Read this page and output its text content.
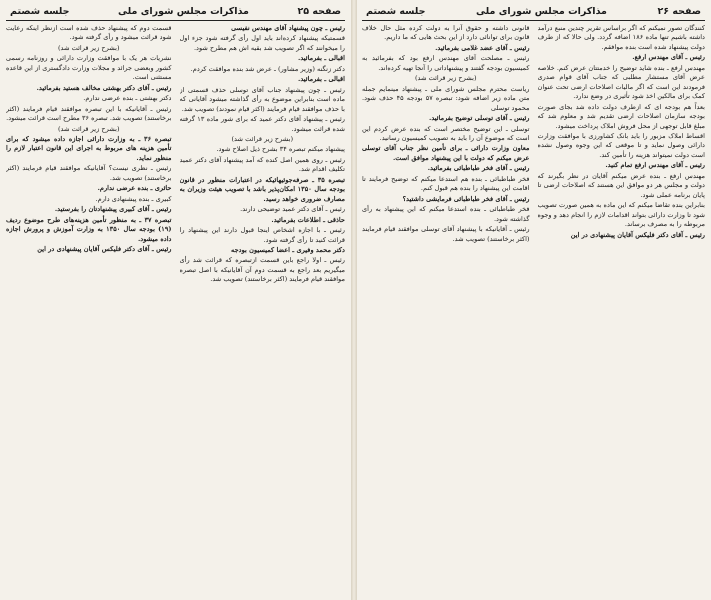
صفحه ۲۵
مذاکرات مجلس شورای ملی
جلسه شصتم

رئیس ـ چون پیشنهاد آقای مهندس نفیسی

قسمتیکه پیشنهاد کرده‌اند باید اول رأی گرفته شود جزء اول را میخوانند که اگر تصویب شد بقیه اش هم مطرح شود.

اقبالی ـ بفرمائید.

دکتر زنگنه (وزیر مشاور) ـ عرض شد بنده موافقت کردم.

اقبالی ـ بفرمائید.

رئیس ـ چون پیشنهاد جناب آقای توسلی حذف قسمتی از ماده است بنابراین موضوع به رأی گذاشته میشود آقایانی که با حذف موافقند قیام فرمایند (اکثر قیام نمودند) تصویب شد.

رئیس ـ پیشنهاد آقای دکتر عمید که برای شور ماده ۱۳ گرفته شده قرائت میشود.

(بشرح زیر قرائت شد)

پیشنهاد میکنم تبصره ۳۴ بشرح ذیل اصلاح شود.

رئیس ـ روی همین اصل کنده که آمد پیشنهاد آقای دکتر عمید تکلیف اقدام شد.

تبصره ۳۵ ـ صرفه‌جوئیهائیکه در اعتبارات منظور در قانون بودجه سال ۱۳۵۰ امکان‌پذیر باشد با تصویب هیئت وزیران به مصارف ضروری خواهد رسید.

رئیس ـ آقای دکتر عمید توضیحی دارند.

حاذقی ـ اطلاعات بفرمائید.

رئیس ـ با اجازه اشخاص اینجا قبول دارند این پیشنهاد را قرائت کنید تا رأی گرفته شود.

دکتر محمد وفیری ـ اعضا کمیسیون بودجه

رئیس ـ اولا راجع باین قسمت ازتبصره که قرائت شد رأی میگیریم بعد راجع به قسمت دوم آن آقایانیکه با اصل تبصره موافقند قیام فرمایند (اکثر برخاستند) تصویب شد.

قسمت دوم که پیشنهاد حذف شده است ازنظر اینکه رعایت شود قرائت میشود و رأی گرفته شود.

(بشرح زیر قرائت شد)

نشریات هر یک با موافقت وزارت دارائی و روزنامه رسمی کشور وبعضی جرائد و مجلات وزارت دادگستری از این قاعده مستثنی است.

رئیس ـ آقای دکتر بهشتی مخالف هستید بفرمائید.

دکتر بهشتی ـ بنده عرضی ندارم.

رئیس ـ آقایانیکه با این تبصره موافقند قیام فرمایند (اکثر برخاستند) تصویب شد. تبصره ۳۶ مطرح است قرائت میشود.

(بشرح زیر قرائت شد)

تبصره ۳۶ ـ به وزارت دارائی اجازه داده میشود که برای تأمین هزینه های مربوط به اجرای این قانون اعتبار لازم را منظور نماید.

رئیس ـ نظری نیست؟ آقایانیکه موافقند قیام فرمایند (اکثر برخاستند) تصویب شد.

حائری ـ بنده عرضی ندارم.

کبیری ـ بنده پیشنهادی دارم.

رئیس ـ آقای کبیری پیشنهادتان را بفرستید.

تبصره ۳۷ ـ به منظور تأمین هزینه‌های طرح موضوع ردیف (۱۹) بودجه سال ۱۳۵۰ به وزارت آموزش و پرورش اجازه داده میشود.

رئیس ـ آقای دکتر فلیکس آقایان پیشنهادی در این

صفحه ۲۶
مذاکرات مجلس شورای ملی
جلسه شصتم

کنندگان تصور نمیکنم که اگر براساس تقریر چندین منبع درآمد داشته باشیم تنها ماده ۱۸۶ اضافه گردد. ولی حالا که از طرف دولت پیشنهاد شده است بنده موافقم.

رئیس ـ آقای مهندس ارفع.

مهندس ارفع ـ بنده شاید توضیح را خدمتتان عرض کنم. خلاصه عرض آقای مستشار مطلبی که جناب آقای قوام صدری فرمودند این است که اگر مالیات اصلاحات ارضی تحت عنوان کمک برای مالکین اخذ شود تأثیری در وضع ندارد.

بعداً هم بودجه ای که ازطرف دولت داده شد بجای صورت بودجه سازمان اصلاحات ارضی تقدیم شد و معلوم شد که مبلغ قابل توجهی از محل فروش املاک پرداخت میشود.

اقساط املاک مزبور را باید بانک کشاورزی با موافقت وزارت دارائی وصول نماید و تا موقعی که این وجوه وصول نشده است دولت نمیتواند هزینه را تأمین کند.

رئیس ـ آقای مهندس ارفع تمام کنید.

مهندس ارفع ـ بنده عرض میکنم آقایان در نظر بگیرند که دولت و مجلس هر دو موافق این هستند که اصلاحات ارضی تا پایان برنامه عملی شود.

بنابراین بنده تقاضا میکنم که این ماده به همین صورت تصویب شود تا وزارت دارائی بتواند اقدامات لازم را انجام دهد و وجوه مربوطه را به مصرف برساند.

رئیس ـ آقای دکتر فلیکس آقایان پیشنهادی در این

قانونی داشته و حقوق آنرا به دولت کرده مثل حال خلاف قانون برای توانائی دارد از این بحث هایی که ما داریم.

رئیس ـ آقای عضد غلامی بفرمائید.

رئیس ـ مصلحت آقای مهندس ارفع بود که بفرمائید به کمیسیون بودجه گفتند و پیشنهاداتی را آنجا تهیه کرده‌اند.

(بشرح زیر قرائت شد)

ریاست محترم مجلس شورای ملی ـ پیشنهاد مینمایم جمله متن ماده زیر اضافه شود: تبصره ۵۷ بودجه ۴۵ حذف شود. محمود توسلی

رئیس ـ آقای توسلی توضیح بفرمائید.

توسلی ـ این توضیح مختصر است که بنده عرض کردم این است که موضوع آن را باید به تصویب کمیسیون رسانید.

معاون وزارت دارائی ـ برای تأمین نظر جناب آقای توسلی عرض میکنم که دولت با این پیشنهاد موافق است.

رئیس ـ آقای فخر طباطبائی بفرمائید.

فخر طباطبائی ـ بنده هم استدعا میکنم که توضیح فرمایند تا اقامت این پیشنهاد را بنده هم قبول کنم.

رئیس ـ آقای فخر طباطبائی فرمایشی داشتید؟

فخر طباطبائی ـ بنده استدعا میکنم که این پیشنهاد به رأی گذاشته شود.

رئیس ـ آقایانیکه با پیشنهاد آقای توسلی موافقند قیام فرمایند (اکثر برخاستند) تصویب شد.
